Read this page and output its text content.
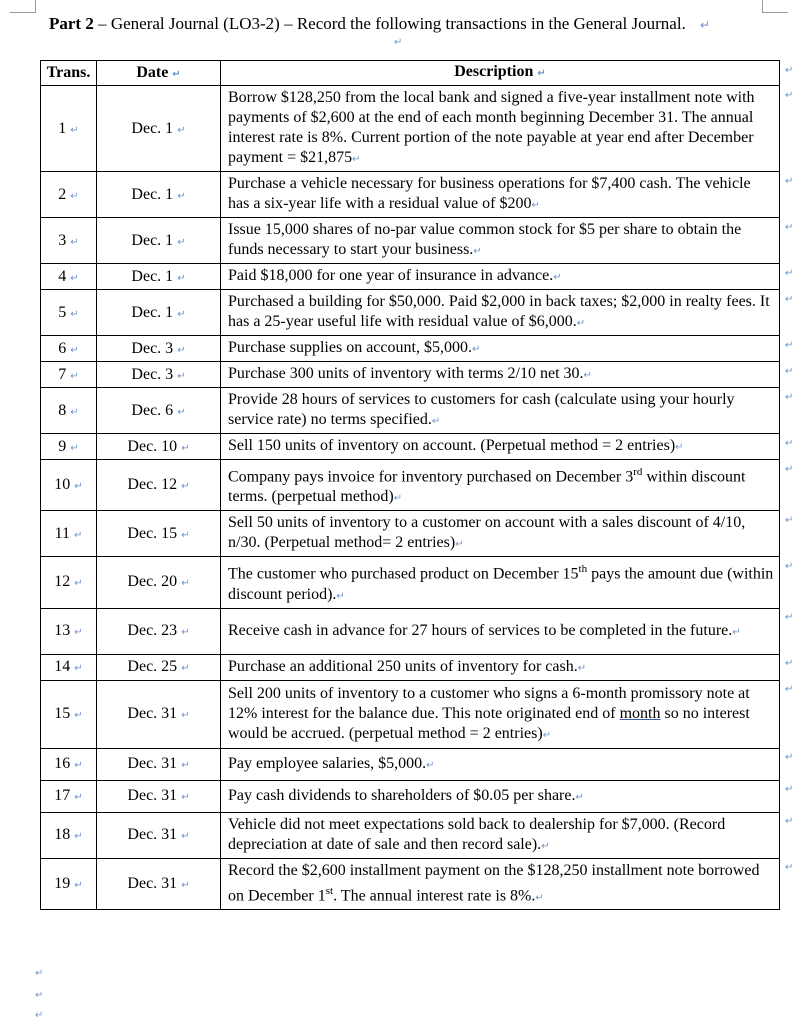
Part 2 – General Journal (LO3-2) – Record the following transactions in the General Journal. ↵
↵
Trans.	Date ↵	Description ↵
1 ↵	Dec. 1 ↵	Borrow $128,250 from the local bank and signed a five-year installment note with payments of $2,600 at the end of each month beginning December 31. The annual interest rate is 8%. Current portion of the note payable at year end after December payment = $21,875↵
2 ↵	Dec. 1 ↵	Purchase a vehicle necessary for business operations for $7,400 cash. The vehicle has a six-year life with a residual value of $200↵
3 ↵	Dec. 1 ↵	Issue 15,000 shares of no-par value common stock for $5 per share to obtain the funds necessary to start your business.↵
4 ↵	Dec. 1 ↵	Paid $18,000 for one year of insurance in advance.↵
5 ↵	Dec. 1 ↵	Purchased a building for $50,000. Paid $2,000 in back taxes; $2,000 in realty fees. It has a 25-year useful life with residual value of $6,000.↵
6 ↵	Dec. 3 ↵	Purchase supplies on account, $5,000.↵
7 ↵	Dec. 3 ↵	Purchase 300 units of inventory with terms 2/10 net 30.↵
8 ↵	Dec. 6 ↵	Provide 28 hours of services to customers for cash (calculate using your hourly service rate) no terms specified.↵
9 ↵	Dec. 10 ↵	Sell 150 units of inventory on account. (Perpetual method = 2 entries)↵
10 ↵	Dec. 12 ↵	Company pays invoice for inventory purchased on December 3rd within discount terms. (perpetual method)↵
11 ↵	Dec. 15 ↵	Sell 50 units of inventory to a customer on account with a sales discount of 4/10, n/30. (Perpetual method= 2 entries)↵
12 ↵	Dec. 20 ↵	The customer who purchased product on December 15th pays the amount due (within discount period).↵
13 ↵	Dec. 23 ↵	Receive cash in advance for 27 hours of services to be completed in the future.↵
14 ↵	Dec. 25 ↵	Purchase an additional 250 units of inventory for cash.↵
15 ↵	Dec. 31 ↵	Sell 200 units of inventory to a customer who signs a 6-month promissory note at 12% interest for the balance due. This note originated end of month so no interest would be accrued. (perpetual method = 2 entries)↵
16 ↵	Dec. 31 ↵	Pay employee salaries, $5,000.↵
17 ↵	Dec. 31 ↵	Pay cash dividends to shareholders of $0.05 per share.↵
18 ↵	Dec. 31 ↵	Vehicle did not meet expectations sold back to dealership for $7,000. (Record depreciation at date of sale and then record sale).↵
19 ↵	Dec. 31 ↵	Record the $2,600 installment payment on the $128,250 installment note borrowed on December 1st. The annual interest rate is 8%.↵
↵
↵
↵
↵
↵
↵
↵
↵
↵
↵
↵
↵
↵
↵
↵
↵
↵
↵
↵
↵
↵
↵
↵
